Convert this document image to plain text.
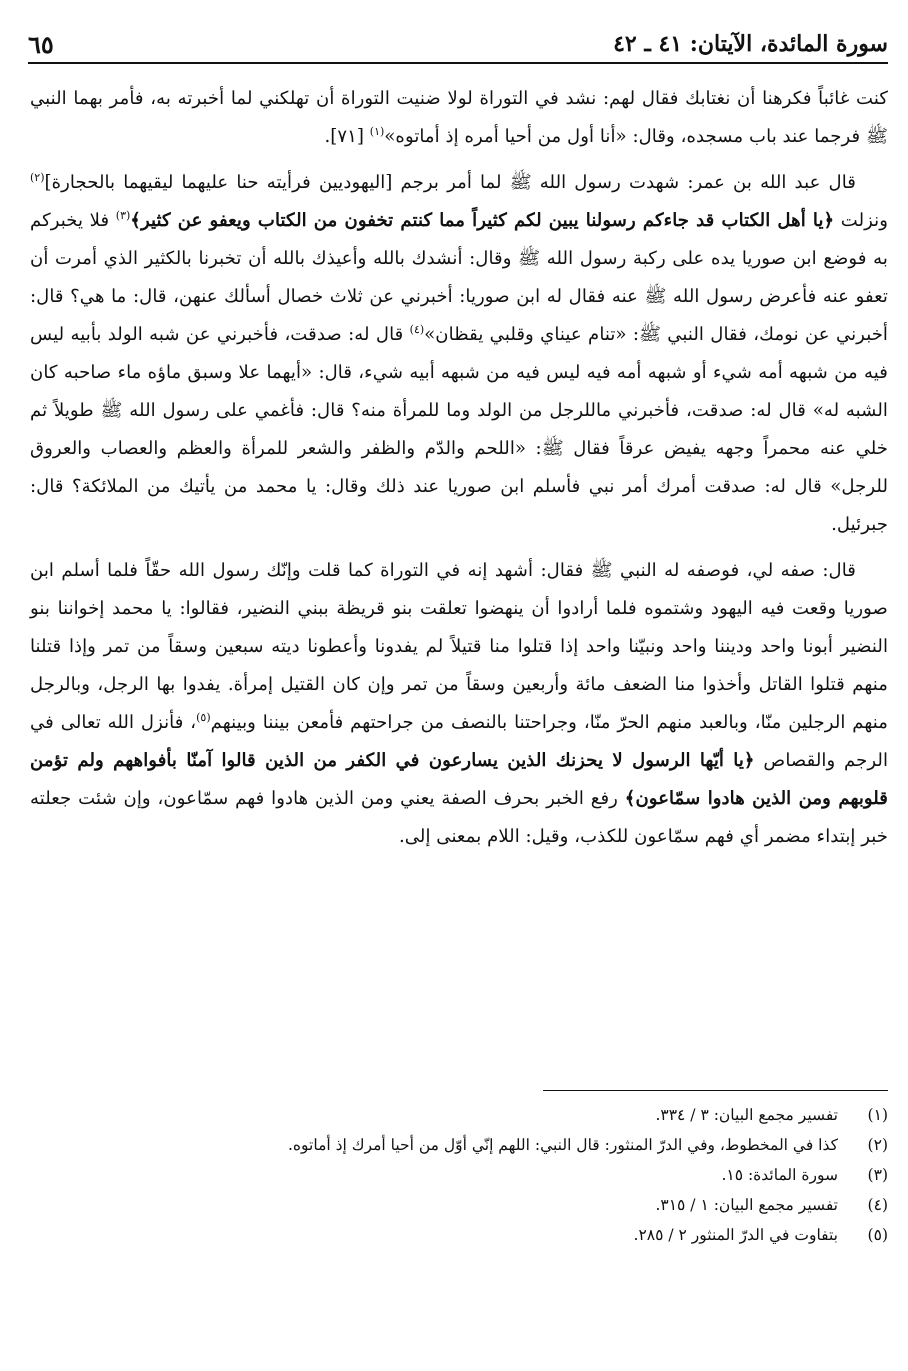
سورة المائدة، الآيتان: ٤١ ـ ٤٢
٦٥

كنت غائباً فكرهنا أن نغتابك فقال لهم: نشد في التوراة لولا ضنيت التوراة أن تهلكني لما أخبرته به، فأمر بهما النبي ﷺ فرجما عند باب مسجده، وقال: «أنا أول من أحيا أمره إذ أماتوه»$^{(١)}$ [٧١].

قال عبد الله بن عمر: شهدت رسول الله ﷺ لما أمر برجم [اليهوديين فرأيته حنا عليهما ليقيهما بالحجارة]$^{(٢)}$ ونزلت ﴿يا أهل الكتاب قد جاءكم رسولنا يبين لكم كثيراً مما كنتم تخفون من الكتاب ويعفو عن كثير﴾$^{(٣)}$ فلا يخبركم به فوضع ابن صوريا يده على ركبة رسول الله ﷺ وقال: أنشدك بالله وأعيذك بالله أن تخبرنا بالكثير الذي أمرت أن تعفو عنه فأعرض رسول الله ﷺ عنه فقال له ابن صوريا: أخبرني عن ثلاث خصال أسألك عنهن، قال: ما هي؟ قال: أخبرني عن نومك، فقال النبي ﷺ: «تنام عيناي وقلبي يقظان»$^{(٤)}$ قال له: صدقت، فأخبرني عن شبه الولد بأبيه ليس فيه من شبهه أمه شيء أو شبهه أمه فيه ليس فيه من شبهه أبيه شيء، قال: «أيهما علا وسبق ماؤه ماء صاحبه كان الشبه له» قال له: صدقت، فأخبرني ماللرجل من الولد وما للمرأة منه؟ قال: فأغمي على رسول الله ﷺ طويلاً ثم خلي عنه محمراً وجهه يفيض عرقاً فقال ﷺ: «اللحم والدّم والظفر والشعر للمرأة والعظم والعصاب والعروق للرجل» قال له: صدقت أمرك أمر نبي فأسلم ابن صوريا عند ذلك وقال: يا محمد من يأتيك من الملائكة؟ قال: جبرئيل.

قال: صفه لي، فوصفه له النبي ﷺ فقال: أشهد إنه في التوراة كما قلت وإنّك رسول الله حقّاً فلما أسلم ابن صوريا وقعت فيه اليهود وشتموه فلما أرادوا أن ينهضوا تعلقت بنو قريظة ببني النضير، فقالوا: يا محمد إخواننا بنو النضير أبونا واحد وديننا واحد ونبيّنا واحد إذا قتلوا منا قتيلاً لم يفدونا وأعطونا ديته سبعين وسقاً من تمر وإذا قتلنا منهم قتلوا القاتل وأخذوا منا الضعف مائة وأربعين وسقاً من تمر وإن كان القتيل إمرأة. يفدوا بها الرجل، وبالرجل منهم الرجلين منّا، وبالعبد منهم الحرّ منّا، وجراحتنا بالنصف من جراحتهم فأمعن بيننا وبينهم$^{(٥)}$، فأنزل الله تعالى في الرجم والقصاص ﴿يا أيّها الرسول لا يحزنك الذين يسارعون في الكفر من الذين قالوا آمنّا بأفواههم ولم تؤمن قلوبهم ومن الذين هادوا سمّاعون﴾ رفع الخبر بحرف الصفة يعني ومن الذين هادوا فهم سمّاعون، وإن شئت جعلته خبر إبتداء مضمر أي فهم سمّاعون للكذب، وقيل: اللام بمعنى إلى.

(١)
تفسير مجمع البيان: ٣ / ٣٣٤.
(٢)
كذا في المخطوط، وفي الدرّ المنثور: قال النبي: اللهم إنّي أوّل من أحيا أمرك إذ أماتوه.
(٣)
سورة المائدة: ١٥.
(٤)
تفسير مجمع البيان: ١ / ٣١٥.
(٥)
بتفاوت في الدرّ المنثور ٢ / ٢٨٥.
